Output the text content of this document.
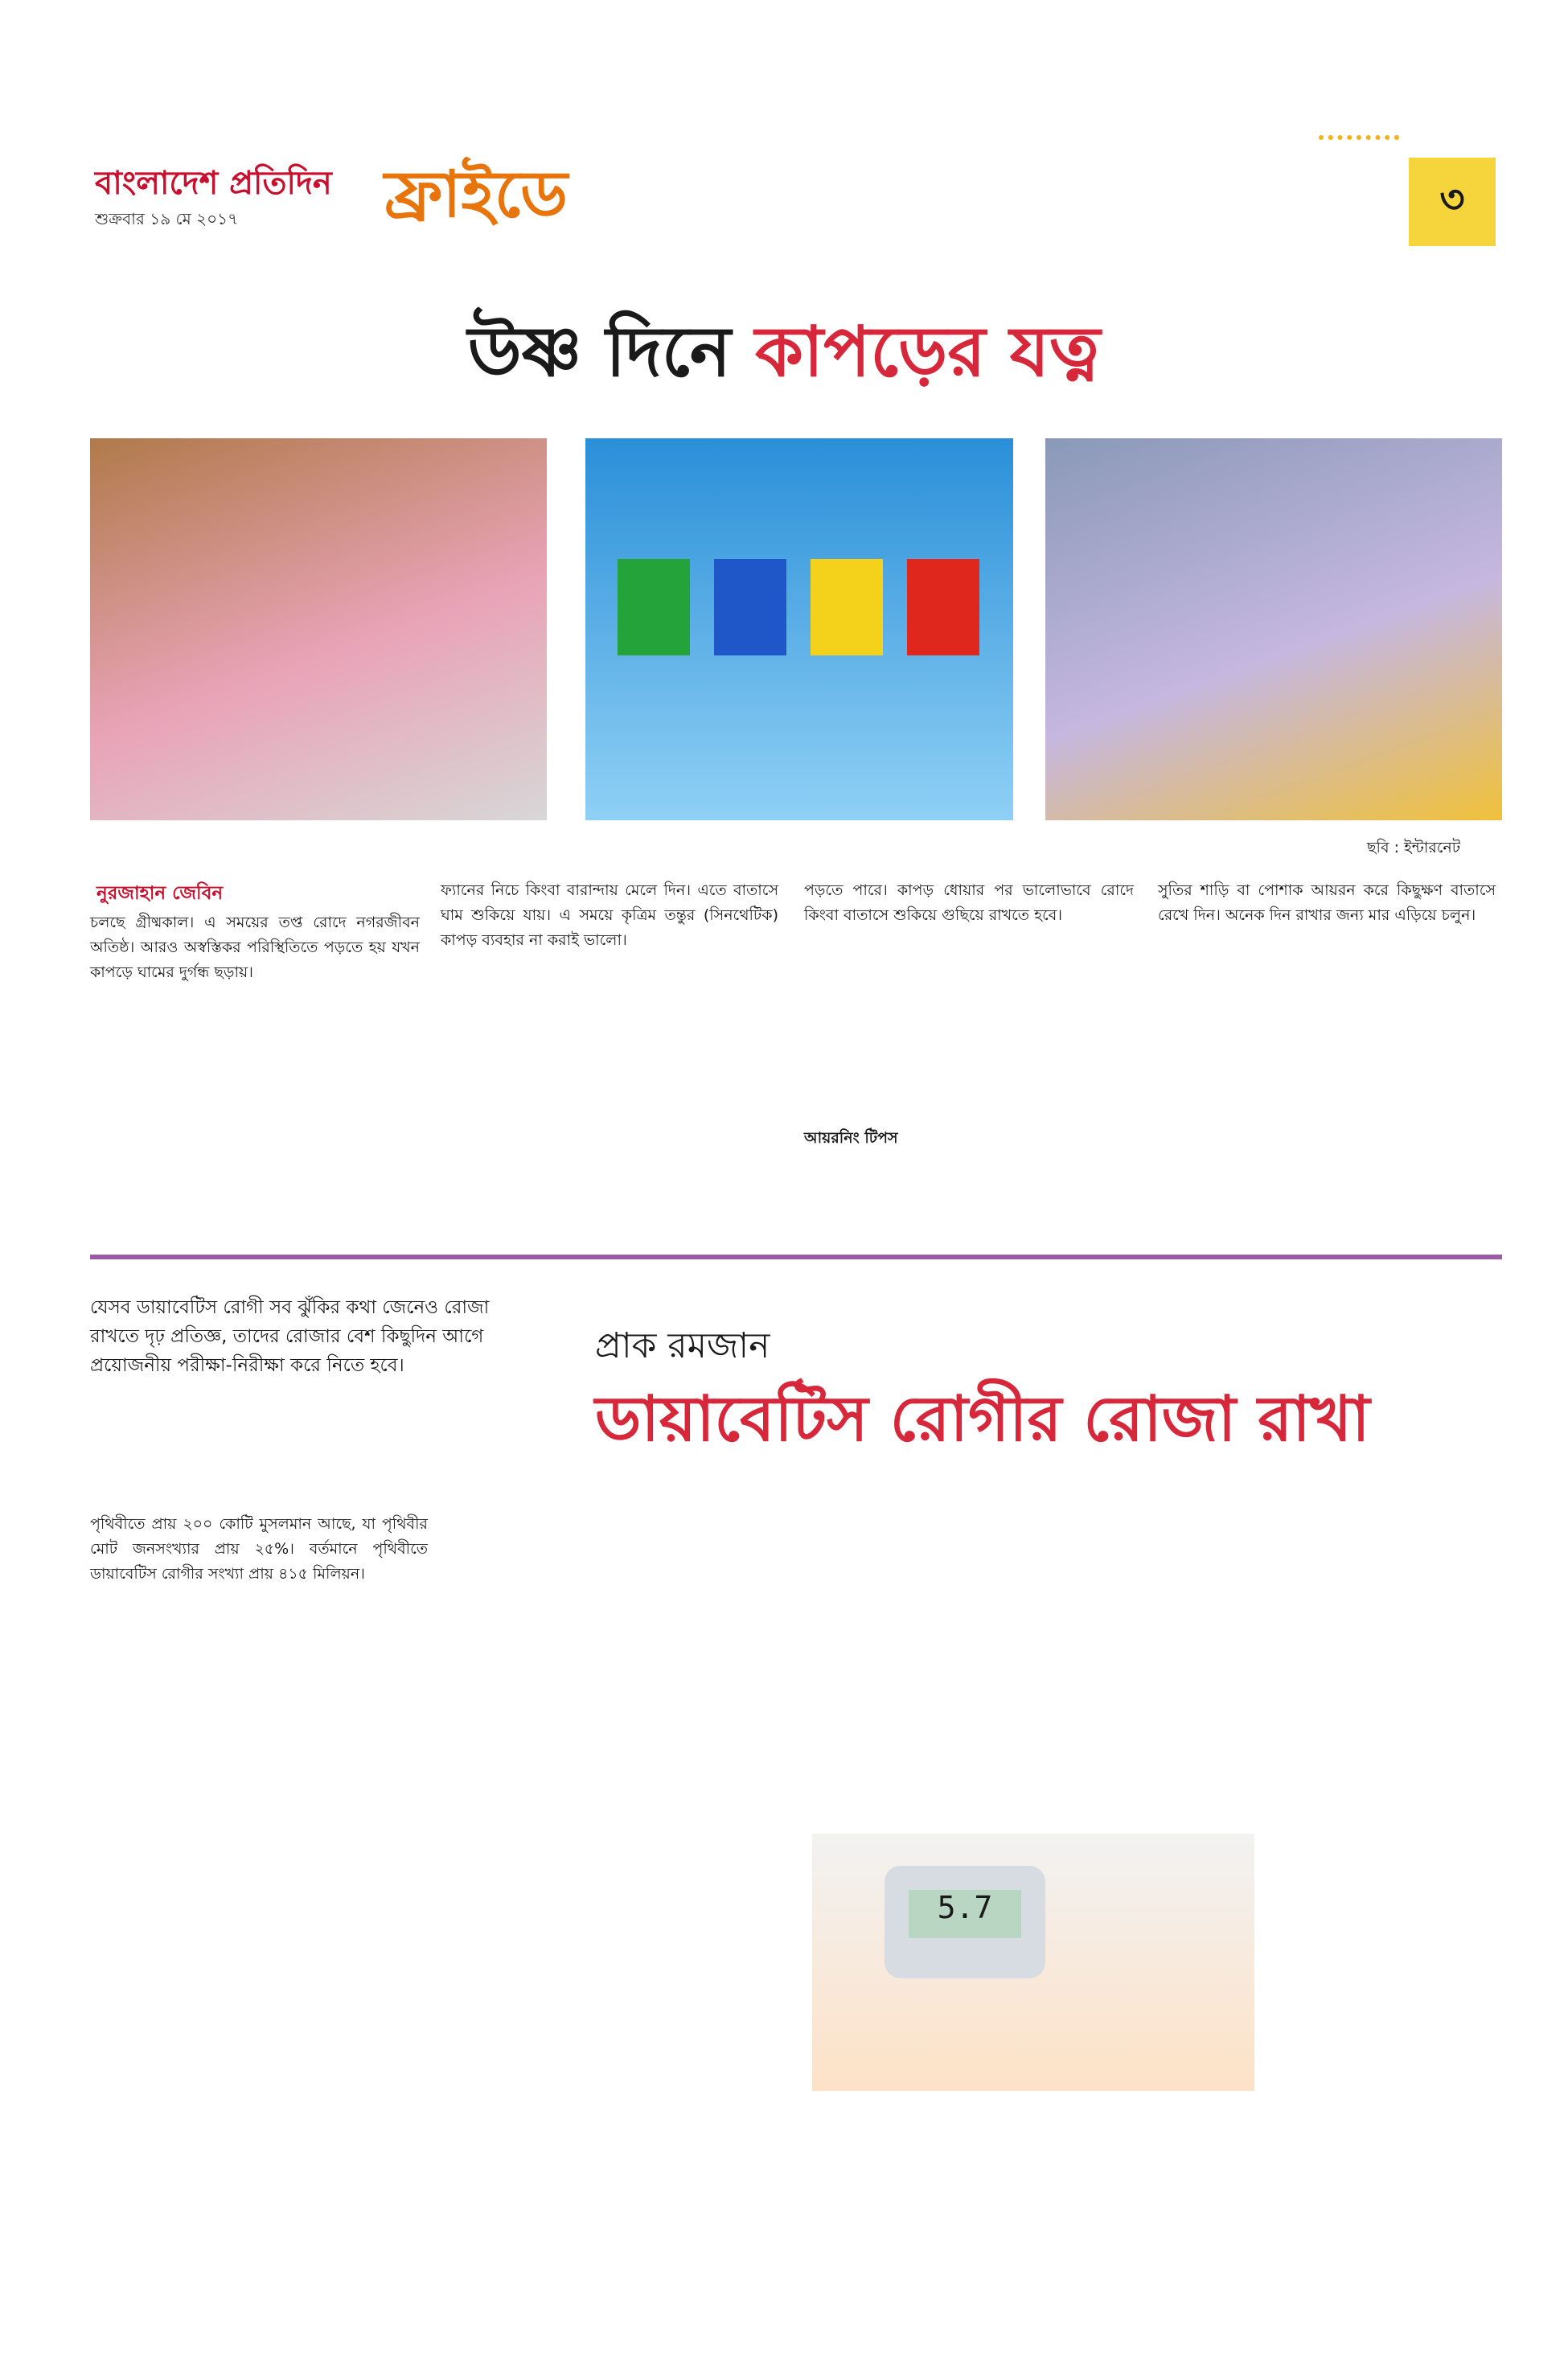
বাংলাদেশ প্রতিদিন
শুক্রবার ১৯ মে ২০১৭ ফ্রাইডে	৩
উষ্ণ দিনে কাপড়ের যত্ন
ছবি : ইন্টারনেট
নুরজাহান জেবিন
চলছে গ্রীষ্মকাল। এ সময়ের তপ্ত রোদে নগরজীবন অতিষ্ঠ। আরও অস্বস্তিকর পরিস্থিতিতে পড়তে হয় যখন কাপড়ে ঘামের দুর্গন্ধ ছড়ায়।
ফ্যানের নিচে কিংবা বারান্দায় মেলে দিন। এতে বাতাসে ঘাম শুকিয়ে যায়। এ সময়ে কৃত্রিম তন্তুর (সিনথেটিক) কাপড় ব্যবহার না করাই ভালো।
পড়তে পারে। কাপড় ধোয়ার পর ভালোভাবে রোদে কিংবা বাতাসে শুকিয়ে গুছিয়ে রাখতে হবে।
আয়রনিং টিপস
সুতির শাড়ি বা পোশাক আয়রন করে কিছুক্ষণ বাতাসে রেখে দিন। অনেক দিন রাখার জন্য মার এড়িয়ে চলুন।
যেসব ডায়াবেটিস রোগী সব ঝুঁকির কথা জেনেও রোজা রাখতে দৃঢ় প্রতিজ্ঞ, তাদের রোজার বেশ কিছুদিন আগে প্রয়োজনীয় পরীক্ষা-নিরীক্ষা করে নিতে হবে।	প্রাক রমজান
ডায়াবেটিস রোগীর রোজা রাখা
পৃথিবীতে প্রায় ২০০ কোটি মুসলমান আছে, যা পৃথিবীর মোট জনসংখ্যার প্রায় ২৫%। বর্তমানে পৃথিবীতে ডায়াবেটিস রোগীর সংখ্যা প্রায় ৪১৫ মিলিয়ন।
5.7
